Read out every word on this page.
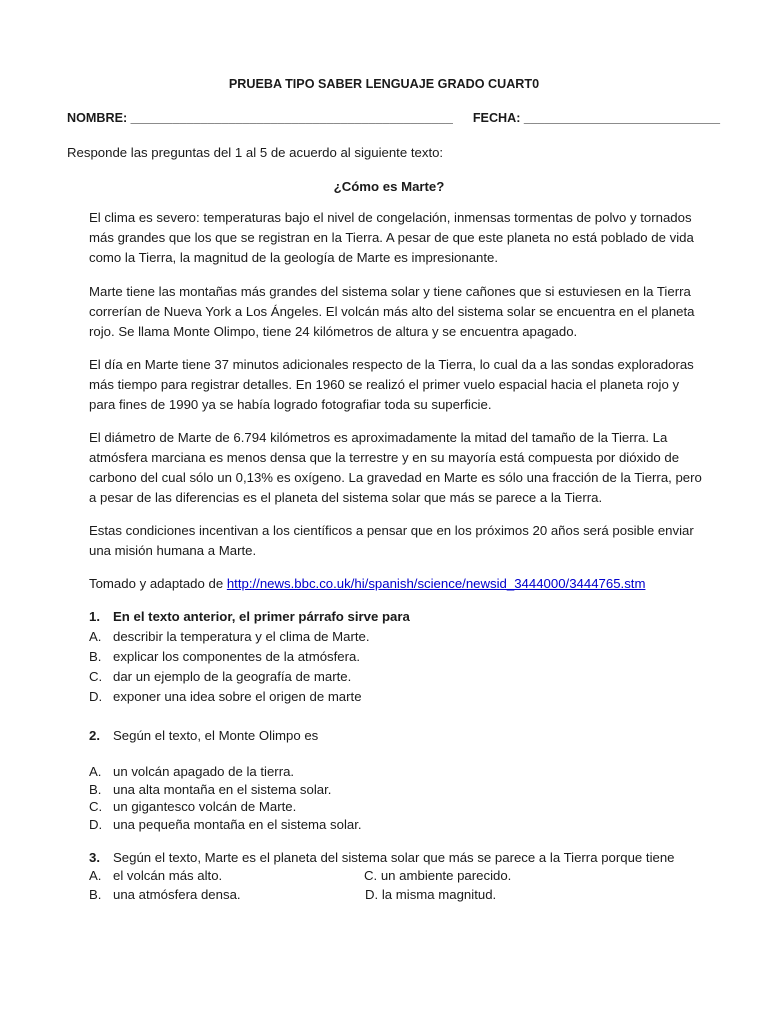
PRUEBA TIPO SABER LENGUAJE GRADO CUART0
NOMBRE: ______________________________________________ FECHA: ____________________________
Responde las preguntas del 1 al 5 de acuerdo al siguiente texto:
¿Cómo es Marte?
El clima es severo: temperaturas bajo el nivel de congelación, inmensas tormentas de polvo y tornados más grandes que los que se registran en la Tierra. A pesar de que este planeta no está poblado de vida como la Tierra, la magnitud de la geología de Marte es impresionante.
Marte tiene las montañas más grandes del sistema solar y tiene cañones que si estuviesen en la Tierra correrían de Nueva York a Los Ángeles. El volcán más alto del sistema solar se encuentra en el planeta rojo. Se llama Monte Olimpo, tiene 24 kilómetros de altura y se encuentra apagado.
El día en Marte tiene 37 minutos adicionales respecto de la Tierra, lo cual da a las sondas exploradoras más tiempo para registrar detalles. En 1960 se realizó el primer vuelo espacial hacia el planeta rojo y para fines de 1990 ya se había logrado fotografiar toda su superficie.
El diámetro de Marte de 6.794 kilómetros es aproximadamente la mitad del tamaño de la Tierra. La atmósfera marciana es menos densa que la terrestre y en su mayoría está compuesta por dióxido de carbono del cual sólo un 0,13% es oxígeno. La gravedad en Marte es sólo una fracción de la Tierra, pero a pesar de las diferencias es el planeta del sistema solar que más se parece a la Tierra.
Estas condiciones incentivan a los científicos a pensar que en los próximos 20 años será posible enviar una misión humana a Marte.
Tomado y adaptado de http://news.bbc.co.uk/hi/spanish/science/newsid_3444000/3444765.stm
1. En el texto anterior, el primer párrafo sirve para
A. describir la temperatura y el clima de Marte.
B. explicar los componentes de la atmósfera.
C. dar un ejemplo de la geografía de marte.
D. exponer una idea sobre el origen de marte
2. Según el texto, el Monte Olimpo es
A. un volcán apagado de la tierra.
B. una alta montaña en el sistema solar.
C. un gigantesco volcán de Marte.
D. una pequeña montaña en el sistema solar.
3. Según el texto, Marte es el planeta del sistema solar que más se parece a la Tierra porque tiene
A. el volcán más alto.	C. un ambiente parecido.
B. una atmósfera densa.	D. la misma magnitud.
